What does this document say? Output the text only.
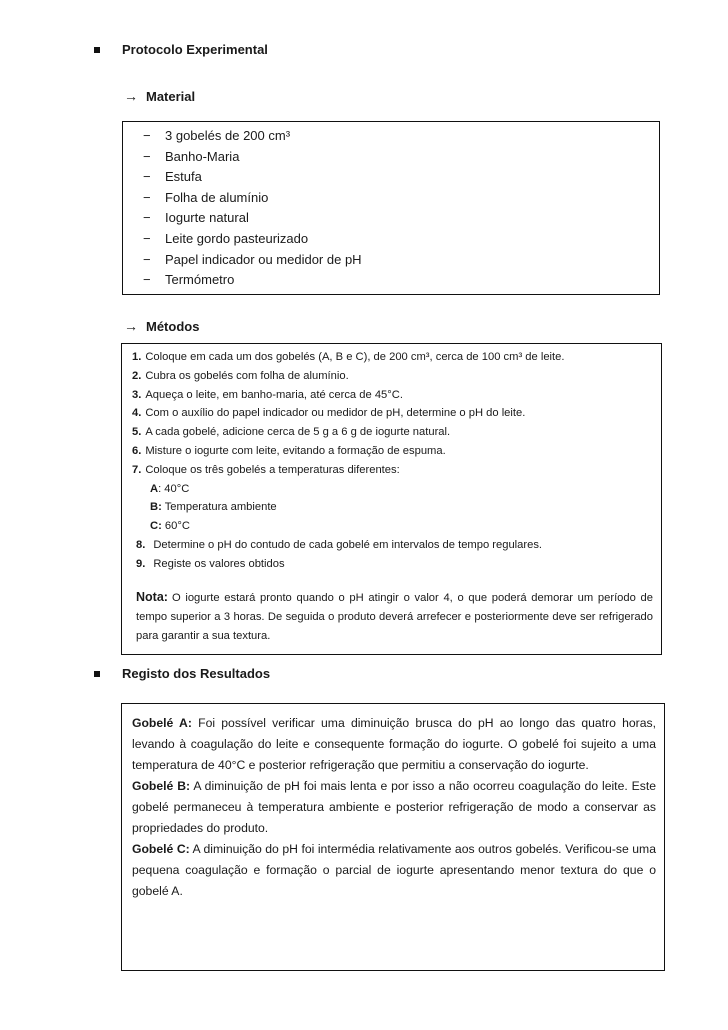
Protocolo Experimental
→ Material
−	3 gobelés de 200 cm³
−	Banho-Maria
−	Estufa
−	Folha de alumínio
−	Iogurte natural
−	Leite gordo pasteurizado
−	Papel indicador ou medidor de pH
−	Termómetro
→ Métodos
1. Coloque em cada um dos gobelés (A, B e C), de 200 cm³, cerca de 100 cm³ de leite.
2. Cubra os gobelés com folha de alumínio.
3. Aqueça o leite, em banho-maria, até cerca de 45°C.
4. Com o auxílio do papel indicador ou medidor de pH, determine o pH do leite.
5. A cada gobelé, adicione cerca de 5 g a 6 g de iogurte natural.
6. Misture o iogurte com leite, evitando a formação de espuma.
7. Coloque os três gobelés a temperaturas diferentes:
A: 40°C
B: Temperatura ambiente
C: 60°C
8. Determine o pH do contudo de cada gobelé em intervalos de tempo regulares.
9. Registe os valores obtidos

Nota: O iogurte estará pronto quando o pH atingir o valor 4, o que poderá demorar um período de tempo superior a 3 horas. De seguida o produto deverá arrefecer e posteriormente deve ser refrigerado para garantir a sua textura.

Registo dos Resultados

Gobelé A: Foi possível verificar uma diminuição brusca do pH ao longo das quatro horas, levando à coagulação do leite e consequente formação do iogurte. O gobelé foi sujeito a uma temperatura de 40°C e posterior refrigeração que permitiu a conservação do iogurte.

Gobelé B: A diminuição de pH foi mais lenta e por isso a não ocorreu coagulação do leite. Este gobelé permaneceu à temperatura ambiente e posterior refrigeração de modo a conservar as propriedades do produto.

Gobelé C: A diminuição do pH foi intermédia relativamente aos outros gobelés. Verificou-se uma pequena coagulação e formação o parcial de iogurte apresentando menor textura do que o gobelé A.
